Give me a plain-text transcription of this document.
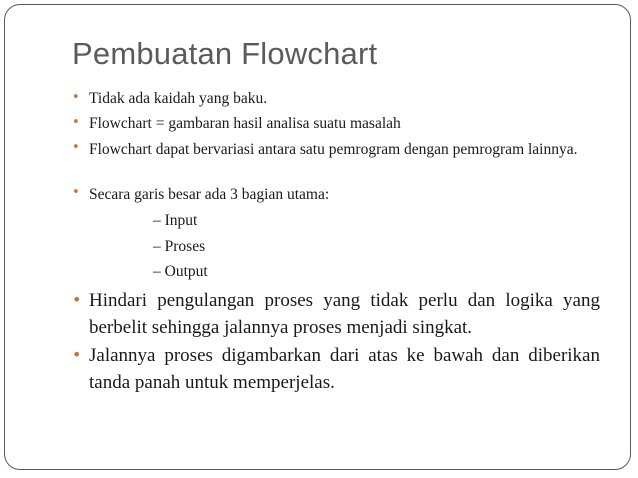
Pembuatan Flowchart
• Tidak ada kaidah yang baku.
• Flowchart = gambaran hasil analisa suatu masalah
• Flowchart dapat bervariasi antara satu pemrogram dengan pemrogram lainnya.
• Secara garis besar ada 3 bagian utama:
– Input
– Proses
– Output
• Hindari pengulangan proses yang tidak perlu dan logika yang berbelit sehingga jalannya proses menjadi singkat.
• Jalannya proses digambarkan dari atas ke bawah dan diberikan tanda panah untuk memperjelas.
